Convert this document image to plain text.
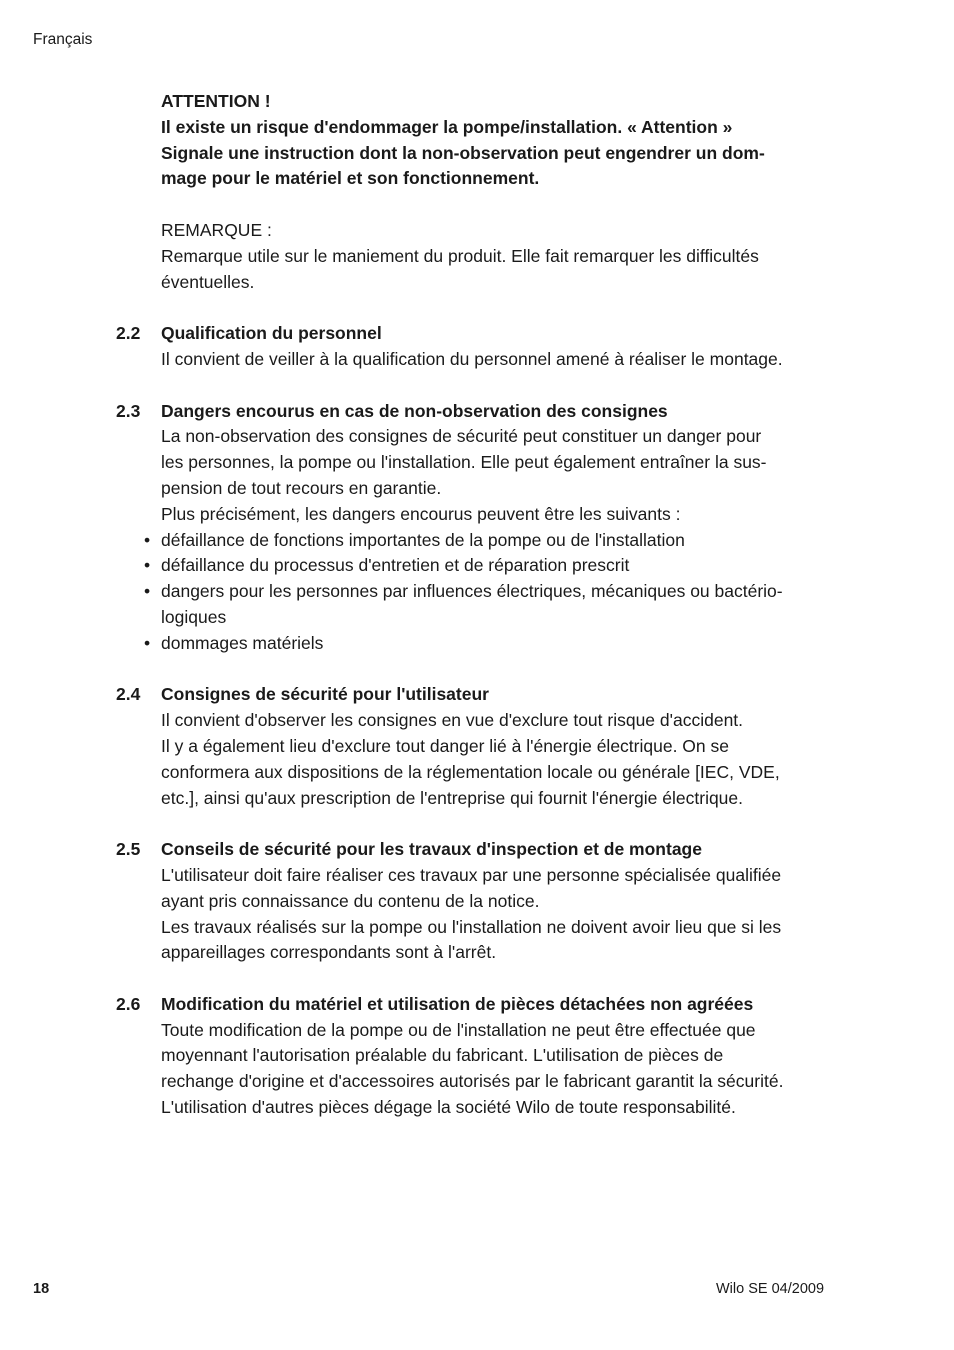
Français
ATTENTION !
Il existe un risque d'endommager la pompe/installation. « Attention »
Signale une instruction dont la non-observation peut engendrer un dom-
mage pour le matériel et son fonctionnement.
REMARQUE :
Remarque utile sur le maniement du produit. Elle fait remarquer les difficultés
éventuelles.
2.2 Qualification du personnel
Il convient de veiller à la qualification du personnel amené à réaliser le montage.
2.3 Dangers encourus en cas de non-observation des consignes
La non-observation des consignes de sécurité peut constituer un danger pour
les personnes, la pompe ou l'installation. Elle peut également entraîner la sus-
pension de tout recours en garantie.
Plus précisément, les dangers encourus peuvent être les suivants :
• défaillance de fonctions importantes de la pompe ou de l'installation
• défaillance du processus d'entretien et de réparation prescrit
• dangers pour les personnes par influences électriques, mécaniques ou bactério-
logiques
• dommages matériels
2.4 Consignes de sécurité pour l'utilisateur
Il convient d'observer les consignes en vue d'exclure tout risque d'accident.
Il y a également lieu d'exclure tout danger lié à l'énergie électrique. On se
conformera aux dispositions de la réglementation locale ou générale [IEC, VDE,
etc.], ainsi qu'aux prescription de l'entreprise qui fournit l'énergie électrique.
2.5 Conseils de sécurité pour les travaux d'inspection et de montage
L'utilisateur doit faire réaliser ces travaux par une personne spécialisée qualifiée
ayant pris connaissance du contenu de la notice.
Les travaux réalisés sur la pompe ou l'installation ne doivent avoir lieu que si les
appareillages correspondants sont à l'arrêt.
2.6 Modification du matériel et utilisation de pièces détachées non agréées
Toute modification de la pompe ou de l'installation ne peut être effectuée que
moyennant l'autorisation préalable du fabricant. L'utilisation de pièces de
rechange d'origine et d'accessoires autorisés par le fabricant garantit la sécurité.
L'utilisation d'autres pièces dégage la société Wilo de toute responsabilité.
18	Wilo SE 04/2009
